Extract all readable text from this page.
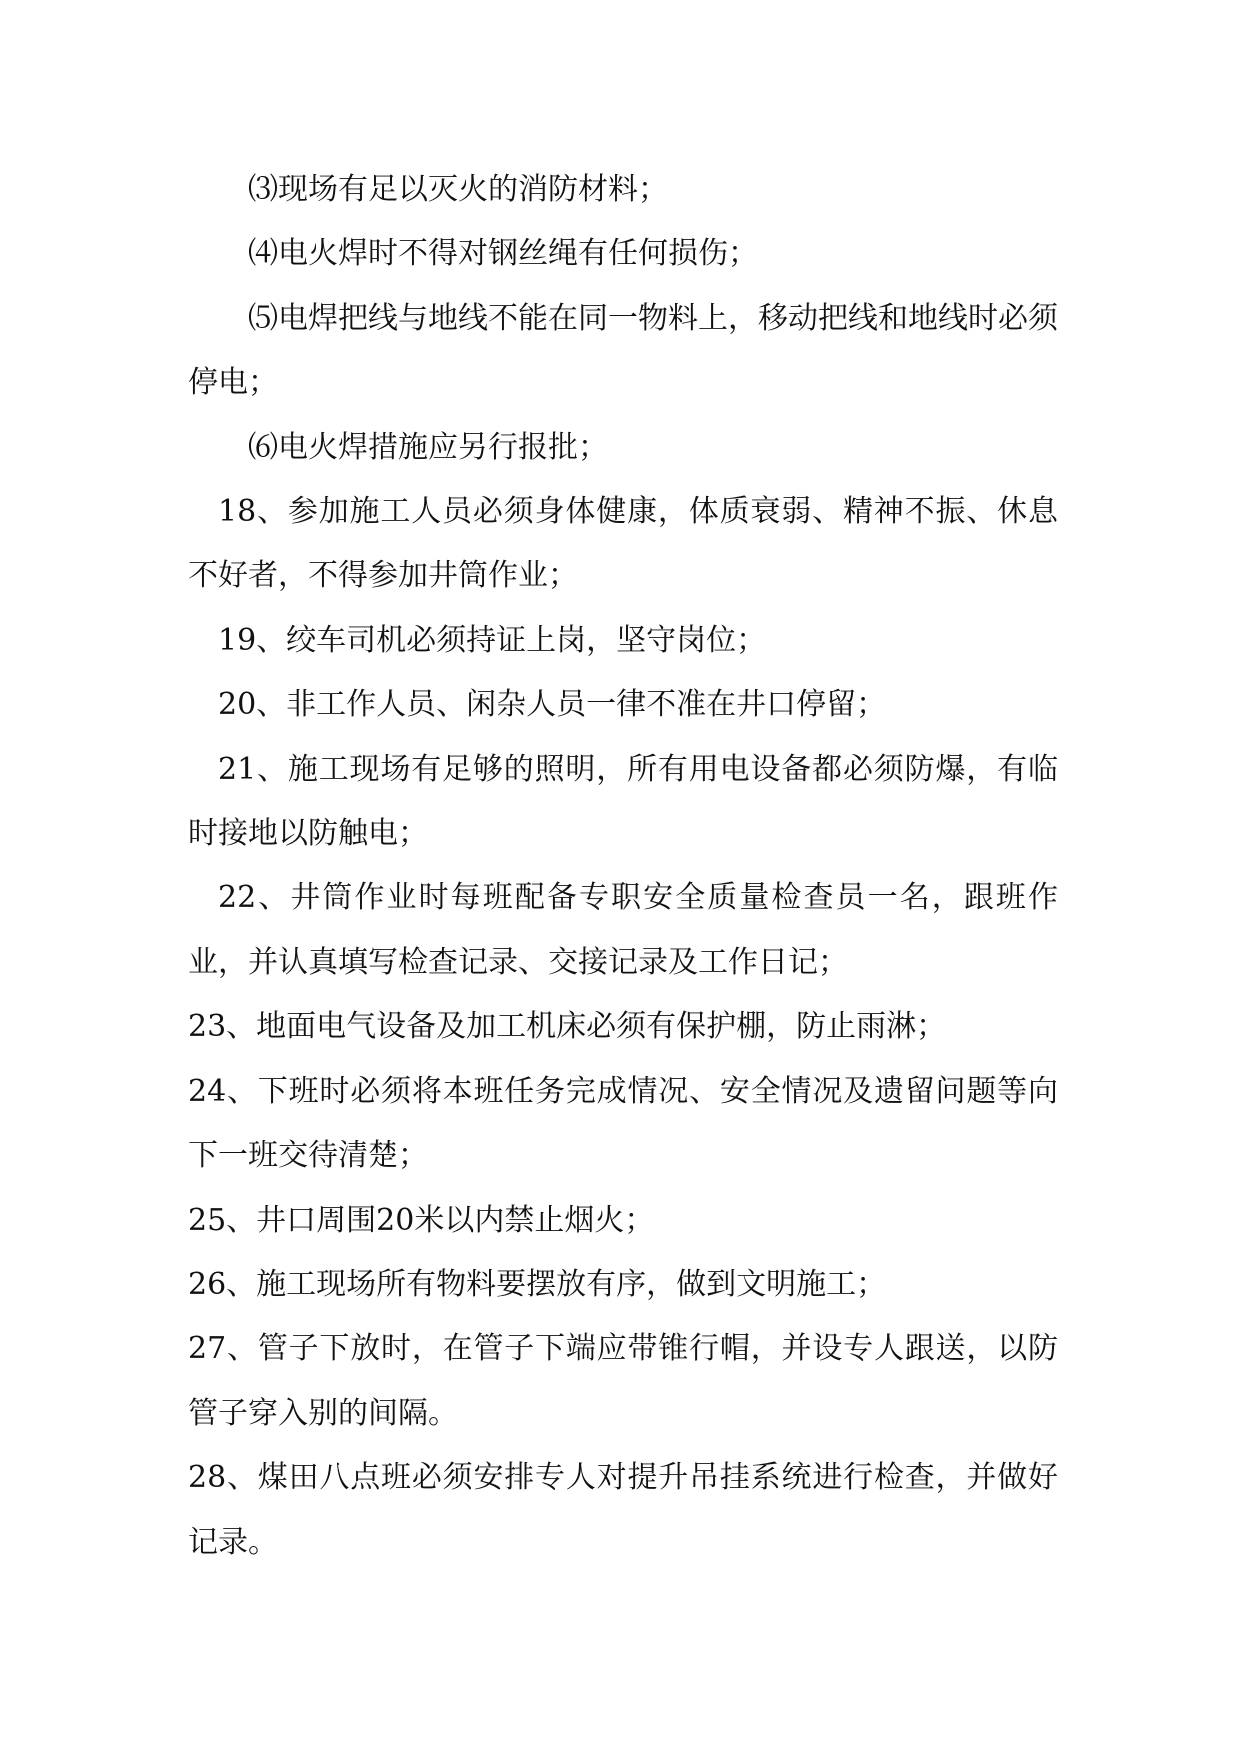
⑶现场有足以灭火的消防材料；

⑷电火焊时不得对钢丝绳有任何损伤；

⑸电焊把线与地线不能在同一物料上，移动把线和地线时必须停电；

⑹电火焊措施应另行报批；

18、参加施工人员必须身体健康，体质衰弱、精神不振、休息不好者，不得参加井筒作业；

19、绞车司机必须持证上岗，坚守岗位；

20、非工作人员、闲杂人员一律不准在井口停留；

21、施工现场有足够的照明，所有用电设备都必须防爆，有临时接地以防触电；

22、井筒作业时每班配备专职安全质量检查员一名，跟班作业，并认真填写检查记录、交接记录及工作日记；

23、地面电气设备及加工机床必须有保护棚，防止雨淋；

24、下班时必须将本班任务完成情况、安全情况及遗留问题等向下一班交待清楚；

25、井口周围20米以内禁止烟火；

26、施工现场所有物料要摆放有序，做到文明施工；

27、管子下放时，在管子下端应带锥行帽，并设专人跟送，以防管子穿入别的间隔。

28、煤田八点班必须安排专人对提升吊挂系统进行检查，并做好记录。
